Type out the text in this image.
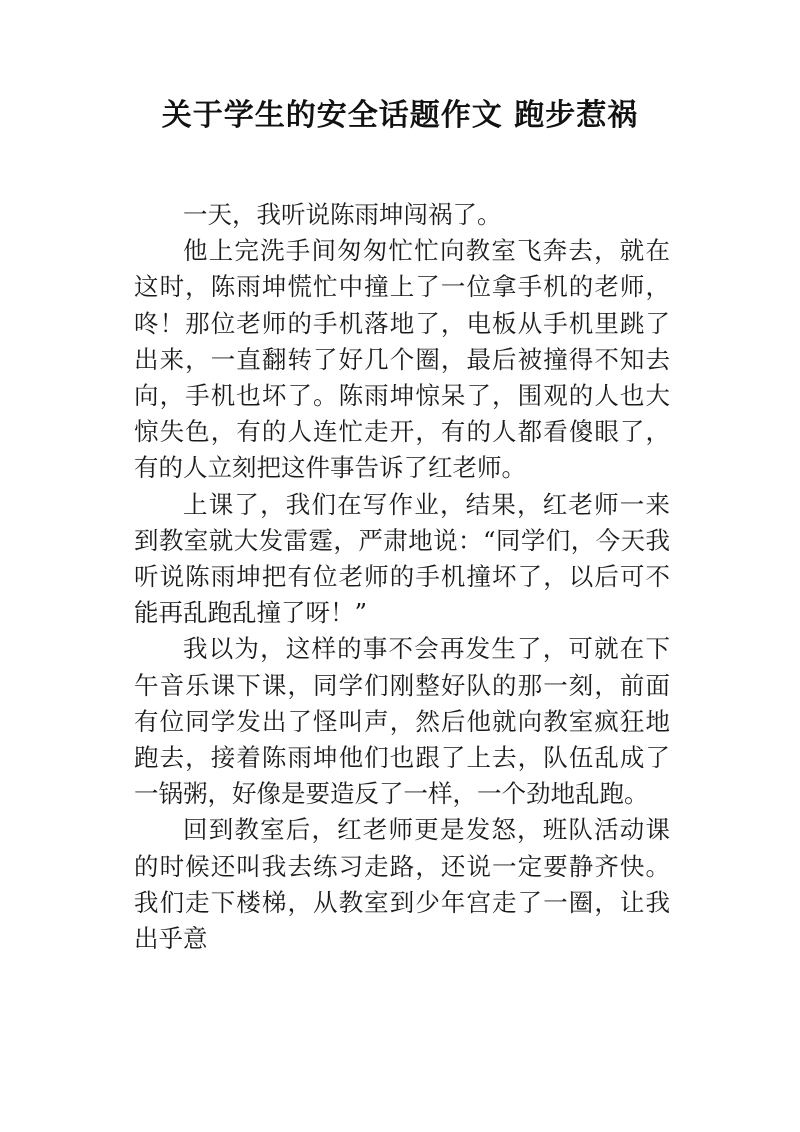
关于学生的安全话题作文 跑步惹祸

一天，我听说陈雨坤闯祸了。

他上完洗手间匆匆忙忙向教室飞奔去，就在这时，陈雨坤慌忙中撞上了一位拿手机的老师，咚！那位老师的手机落地了，电板从手机里跳了出来，一直翻转了好几个圈，最后被撞得不知去向，手机也坏了。陈雨坤惊呆了，围观的人也大惊失色，有的人连忙走开，有的人都看傻眼了，有的人立刻把这件事告诉了红老师。

上课了，我们在写作业，结果，红老师一来到教室就大发雷霆，严肃地说：“同学们，今天我听说陈雨坤把有位老师的手机撞坏了，以后可不能再乱跑乱撞了呀！”

我以为，这样的事不会再发生了，可就在下午音乐课下课，同学们刚整好队的那一刻，前面有位同学发出了怪叫声，然后他就向教室疯狂地跑去，接着陈雨坤他们也跟了上去，队伍乱成了一锅粥，好像是要造反了一样，一个劲地乱跑。

回到教室后，红老师更是发怒，班队活动课的时候还叫我去练习走路，还说一定要静齐快。我们走下楼梯，从教室到少年宫走了一圈，让我出乎意
